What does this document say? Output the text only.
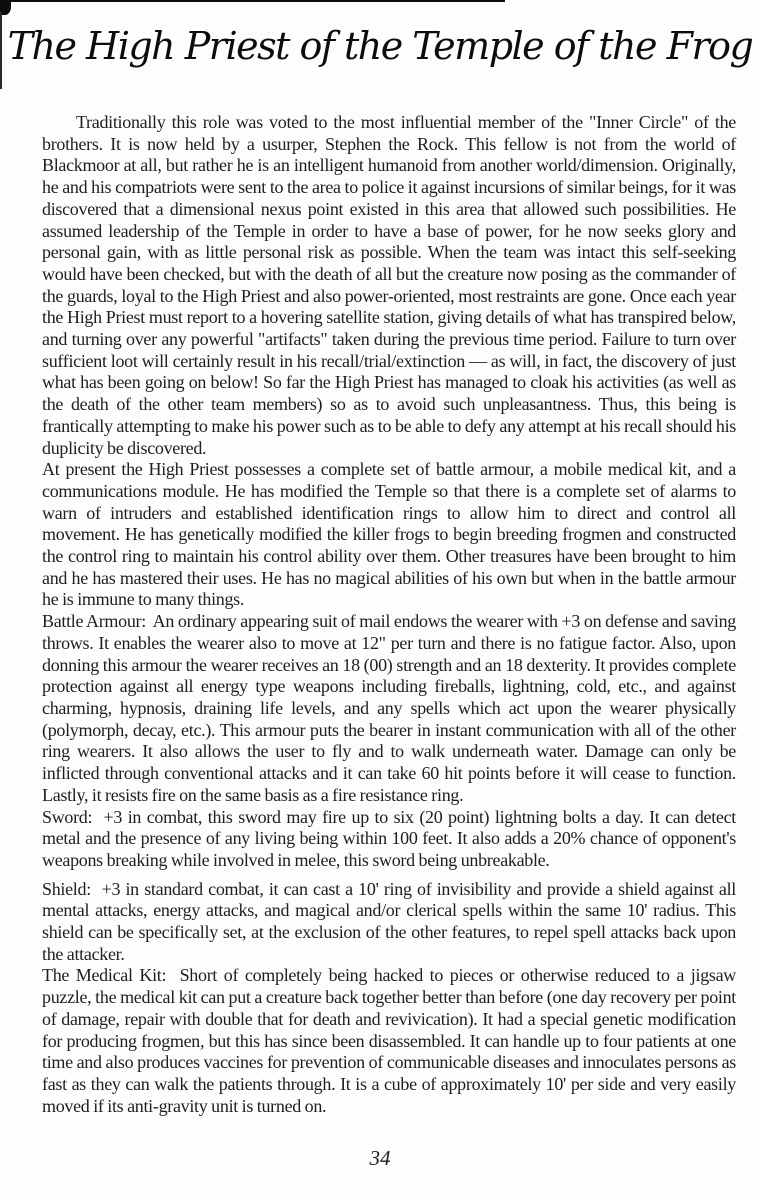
The High Priest of the Temple of the Frog

Traditionally this role was voted to the most influential member of the "Inner Circle" of the brothers. It is now held by a usurper, Stephen the Rock. This fellow is not from the world of Blackmoor at all, but rather he is an intelligent humanoid from another world/dimension. Originally, he and his compatriots were sent to the area to police it against incursions of similar beings, for it was discovered that a dimensional nexus point existed in this area that allowed such possibilities. He assumed leadership of the Temple in order to have a base of power, for he now seeks glory and personal gain, with as little personal risk as possible. When the team was intact this self-seeking would have been checked, but with the death of all but the creature now posing as the commander of the guards, loyal to the High Priest and also power-oriented, most restraints are gone. Once each year the High Priest must report to a hovering satellite station, giving details of what has transpired below, and turning over any powerful "artifacts" taken during the previous time period. Failure to turn over sufficient loot will certainly result in his recall/trial/extinction — as will, in fact, the discovery of just what has been going on below! So far the High Priest has managed to cloak his activities (as well as the death of the other team members) so as to avoid such unpleasantness. Thus, this being is frantically attempting to make his power such as to be able to defy any attempt at his recall should his duplicity be discovered.

At present the High Priest possesses a complete set of battle armour, a mobile medical kit, and a communications module. He has modified the Temple so that there is a complete set of alarms to warn of intruders and established identification rings to allow him to direct and control all movement. He has genetically modified the killer frogs to begin breeding frogmen and constructed the control ring to maintain his control ability over them. Other treasures have been brought to him and he has mastered their uses. He has no magical abilities of his own but when in the battle armour he is immune to many things.

Battle Armour:  An ordinary appearing suit of mail endows the wearer with +3 on defense and saving throws. It enables the wearer also to move at 12" per turn and there is no fatigue factor. Also, upon donning this armour the wearer receives an 18 (00) strength and an 18 dexterity. It provides complete protection against all energy type weapons including fireballs, lightning, cold, etc., and against charming, hypnosis, draining life levels, and any spells which act upon the wearer physically (polymorph, decay, etc.). This armour puts the bearer in instant communication with all of the other ring wearers. It also allows the user to fly and to walk underneath water. Damage can only be inflicted through conventional attacks and it can take 60 hit points before it will cease to function. Lastly, it resists fire on the same basis as a fire resistance ring.

Sword:  +3 in combat, this sword may fire up to six (20 point) lightning bolts a day. It can detect metal and the presence of any living being within 100 feet. It also adds a 20% chance of opponent's weapons breaking while involved in melee, this sword being unbreakable.

Shield:  +3 in standard combat, it can cast a 10' ring of invisibility and provide a shield against all mental attacks, energy attacks, and magical and/or clerical spells within the same 10' radius. This shield can be specifically set, at the exclusion of the other features, to repel spell attacks back upon the attacker.

The Medical Kit:  Short of completely being hacked to pieces or otherwise reduced to a jigsaw puzzle, the medical kit can put a creature back together better than before (one day recovery per point of damage, repair with double that for death and revivication). It had a special genetic modification for producing frogmen, but this has since been disassembled. It can handle up to four patients at one time and also produces vaccines for prevention of communicable diseases and innoculates persons as fast as they can walk the patients through. It is a cube of approximately 10' per side and very easily moved if its anti-gravity unit is turned on.

34
